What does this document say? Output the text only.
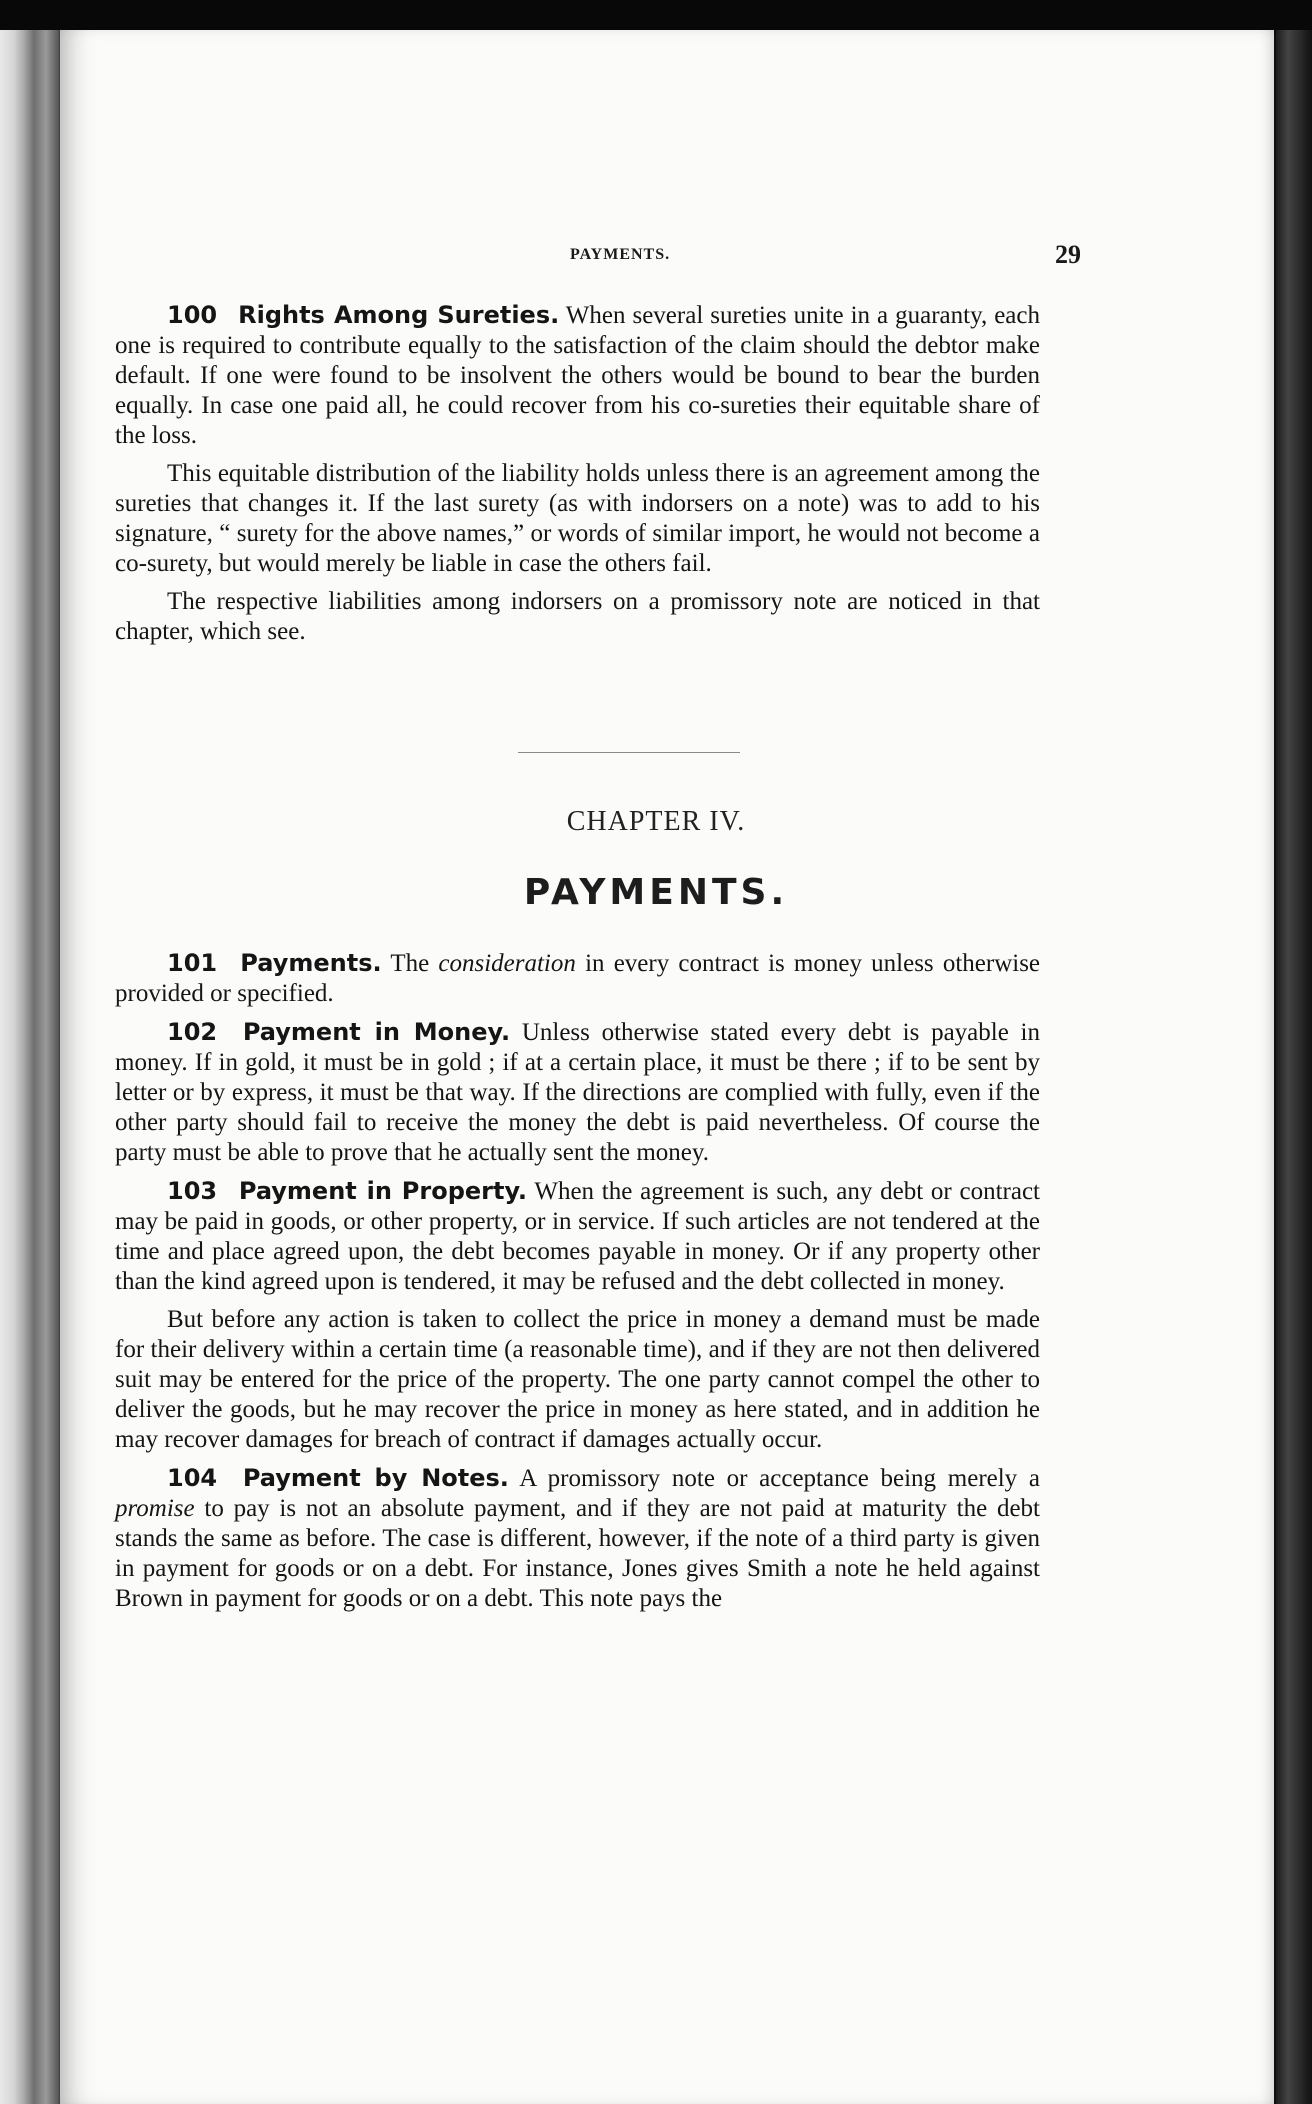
PAYMENTS.	29

100 Rights Among Sureties. When several sureties unite in a guaranty, each one is required to contribute equally to the satisfaction of the claim should the debtor make default. If one were found to be insolvent the others would be bound to bear the burden equally. In case one paid all, he could recover from his co-sureties their equitable share of the loss.

This equitable distribution of the liability holds unless there is an agreement among the sureties that changes it. If the last surety (as with indorsers on a note) was to add to his signature, “ surety for the above names,” or words of similar import, he would not become a co-surety, but would merely be liable in case the others fail.

The respective liabilities among indorsers on a promissory note are noticed in that chapter, which see.

CHAPTER IV.
PAYMENTS.

101 Payments. The consideration in every contract is money unless otherwise provided or specified.

102 Payment in Money. Unless otherwise stated every debt is payable in money. If in gold, it must be in gold ; if at a certain place, it must be there ; if to be sent by letter or by express, it must be that way. If the directions are complied with fully, even if the other party should fail to receive the money the debt is paid nevertheless. Of course the party must be able to prove that he actually sent the money.

103 Payment in Property. When the agreement is such, any debt or contract may be paid in goods, or other property, or in service. If such articles are not tendered at the time and place agreed upon, the debt becomes payable in money. Or if any property other than the kind agreed upon is tendered, it may be refused and the debt collected in money.

But before any action is taken to collect the price in money a demand must be made for their delivery within a certain time (a reasonable time), and if they are not then delivered suit may be entered for the price of the property. The one party cannot compel the other to deliver the goods, but he may recover the price in money as here stated, and in addition he may recover damages for breach of contract if damages actually occur.

104 Payment by Notes. A promissory note or acceptance being merely a promise to pay is not an absolute payment, and if they are not paid at maturity the debt stands the same as before. The case is different, however, if the note of a third party is given in payment for goods or on a debt. For instance, Jones gives Smith a note he held against Brown in payment for goods or on a debt. This note pays the
